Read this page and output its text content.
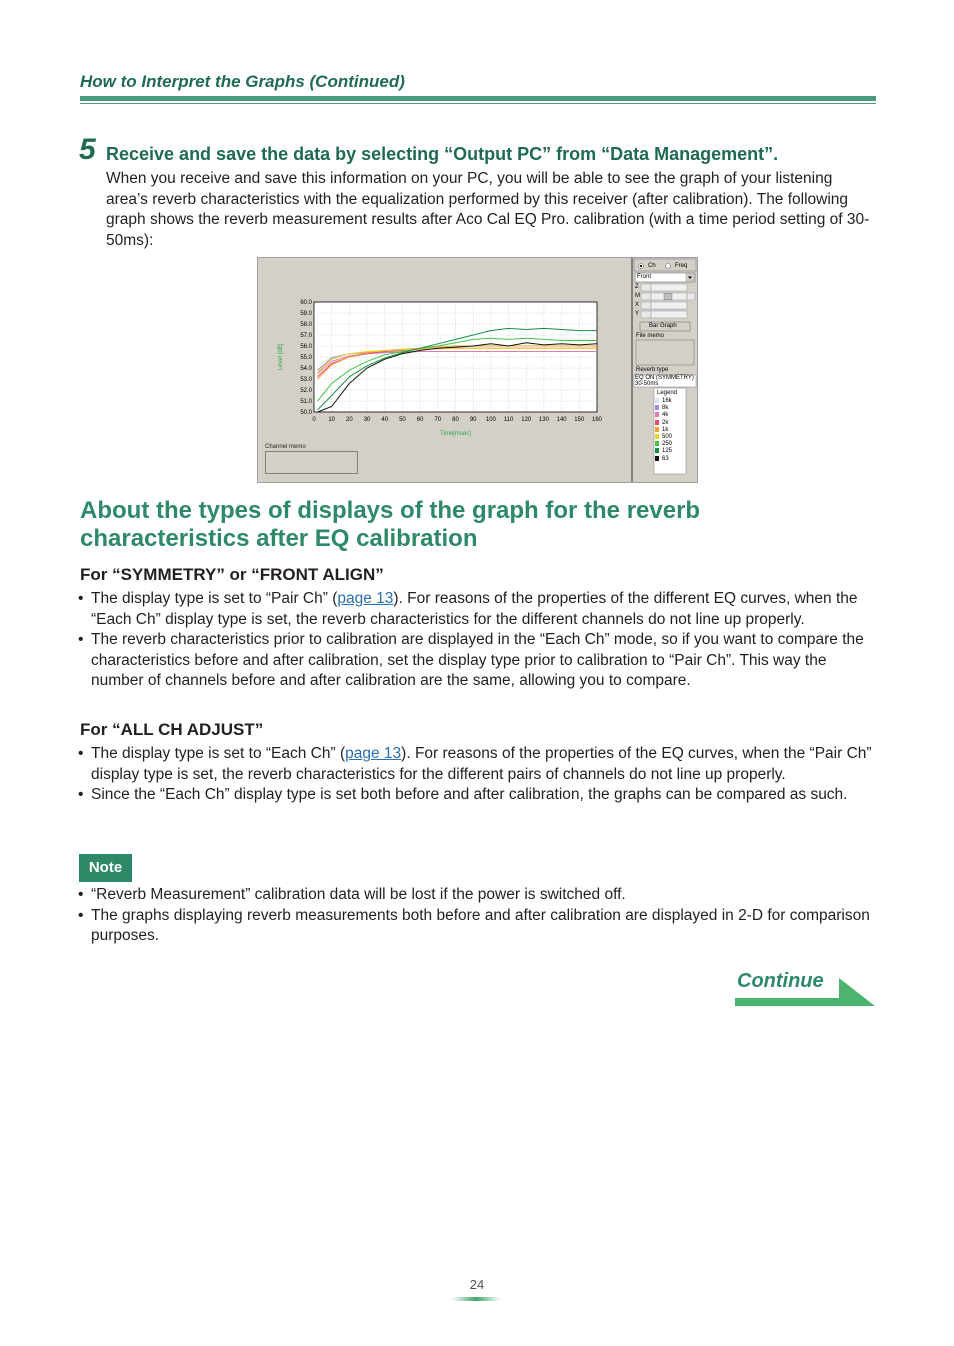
How to Interpret the Graphs (Continued)
5 Receive and save the data by selecting “Output PC” from “Data Management”.
When you receive and save this information on your PC, you will be able to see the graph of your listening area’s reverb characteristics with the equalization performed by this receiver (after calibration). The following graph shows the reverb measurement results after Aco Cal EQ Pro. calibration (with a time period setting of 30-50ms):
0 10 20 30 40 50 60 70 80 90 100 110 120 130 140 150 160
50.0
51.0
52.0
53.0
54.0
55.0
56.0
57.0
58.0
59.0
60.0
Time[msec]
Level [dB]
Channel memo
Ch	Freq
Front
Z
M
X
Y
Bar Graph
File memo
Reverb type
EQ ON (SYMMETRY)
30-50ms
Legend
16k
8k
4k
2k
1k
500
250
125
63
About the types of displays of the graph for the reverb
characteristics after EQ calibration
For “SYMMETRY” or “FRONT ALIGN”
• The display type is set to “Pair Ch” (page 13). For reasons of the properties of the different EQ curves, when the “Each Ch” display type is set, the reverb characteristics for the different channels do not line up properly.
• The reverb characteristics prior to calibration are displayed in the “Each Ch” mode, so if you want to compare the characteristics before and after calibration, set the display type prior to calibration to “Pair Ch”. This way the number of channels before and after calibration are the same, allowing you to compare.
For “ALL CH ADJUST”
• The display type is set to “Each Ch” (page 13). For reasons of the properties of the EQ curves, when the “Pair Ch” display type is set, the reverb characteristics for the different pairs of channels do not line up properly.
• Since the “Each Ch” display type is set both before and after calibration, the graphs can be compared as such.
Note
• “Reverb Measurement” calibration data will be lost if the power is switched off.
• The graphs displaying reverb measurements both before and after calibration are displayed in 2-D for comparison purposes.
Continue
24
